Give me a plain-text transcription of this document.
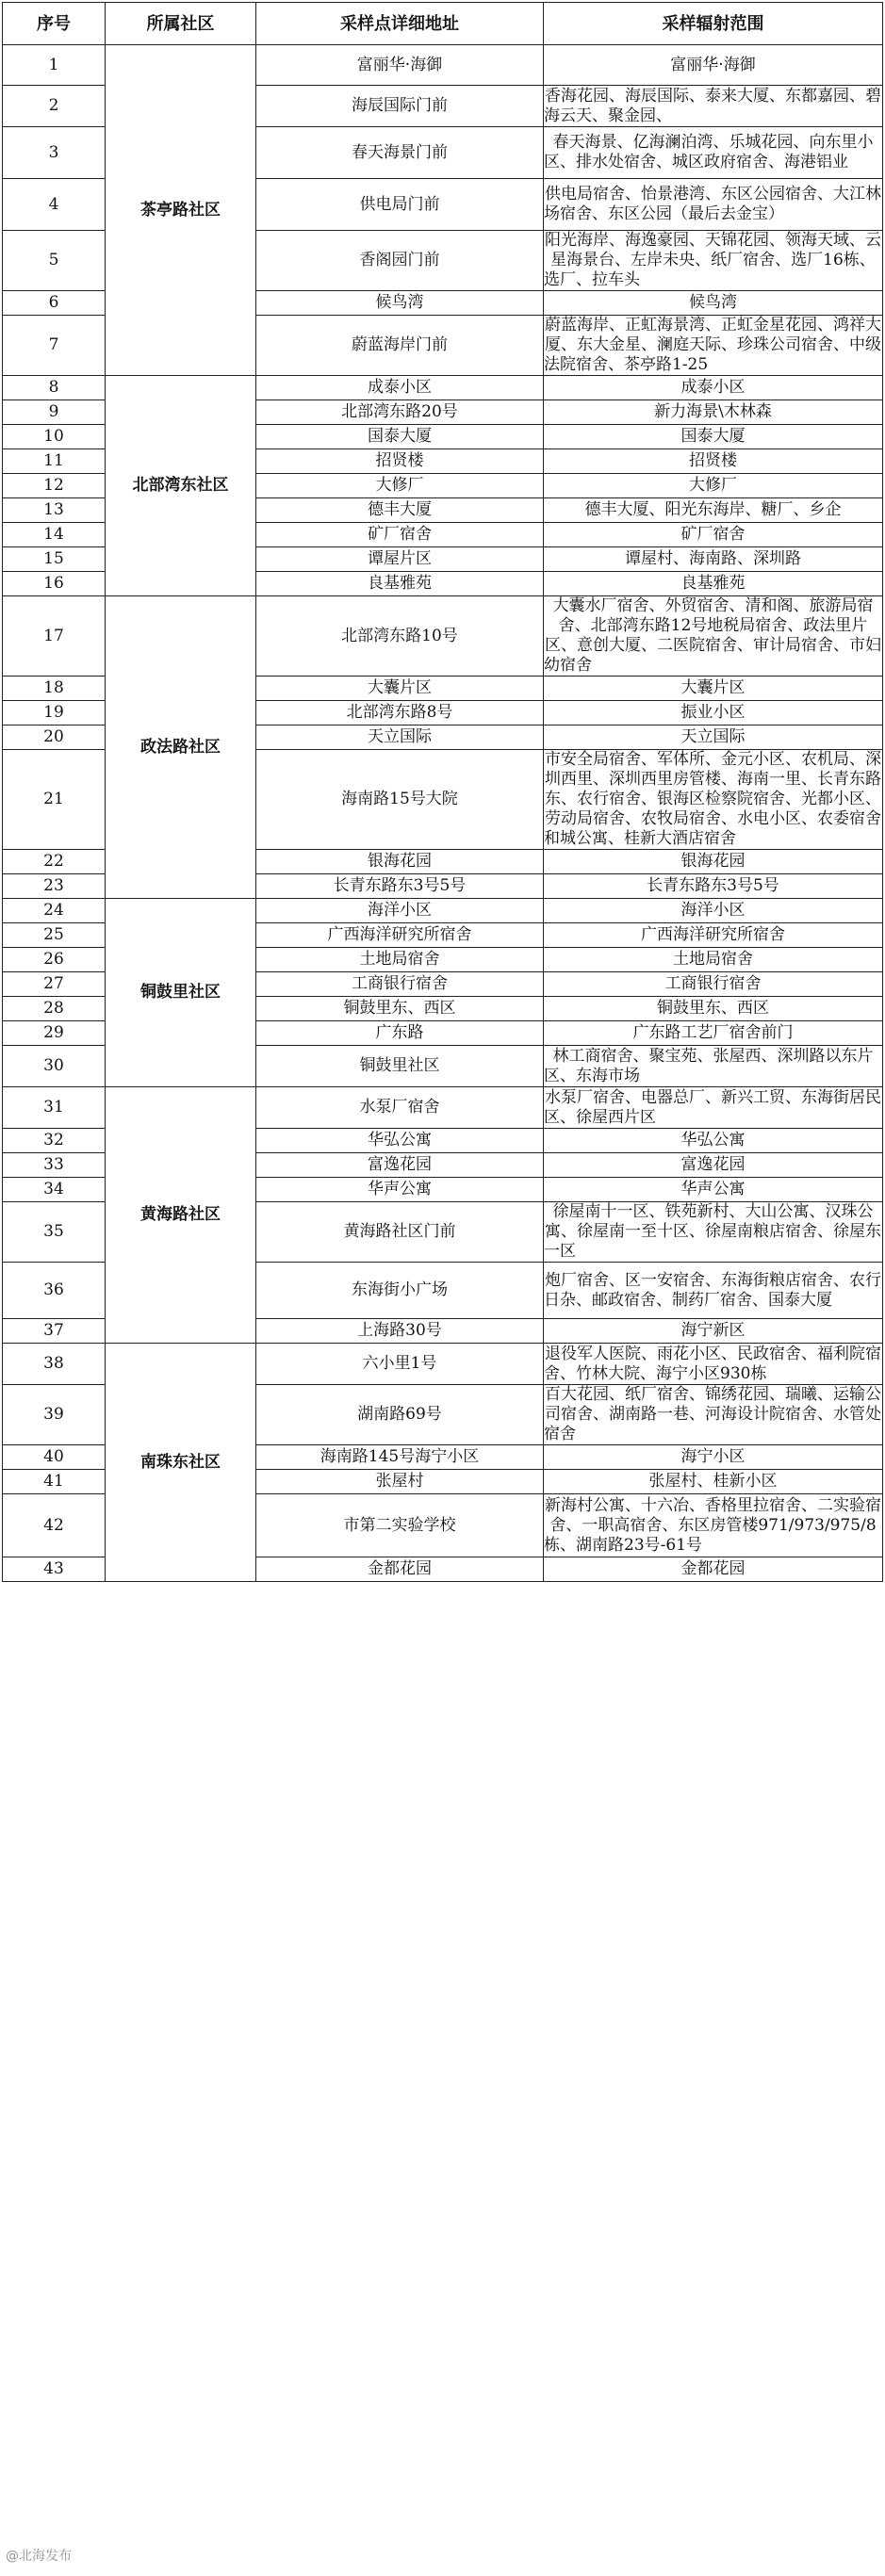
序号	所属社区	采样点详细地址	采样辐射范围
1	茶亭路社区	富丽华·海御	富丽华·海御
2		海辰国际门前	香海花园、海辰国际、泰来大厦、东都嘉园、碧海云天、聚金园、
3		春天海景门前	春天海景、亿海澜泊湾、乐城花园、向东里小区、排水处宿舍、城区政府宿舍、海港铝业
4		供电局门前	供电局宿舍、怡景港湾、东区公园宿舍、大江林场宿舍、东区公园（最后去金宝）
5		香阁园门前	阳光海岸、海逸豪园、天锦花园、领海天域、云星海景台、左岸未央、纸厂宿舍、选厂16栋、选厂、拉车头
6		候鸟湾	候鸟湾
7		蔚蓝海岸门前	蔚蓝海岸、正虹海景湾、正虹金星花园、鸿祥大厦、东大金星、澜庭天际、珍珠公司宿舍、中级法院宿舍、茶亭路1-25
8	北部湾东社区	成泰小区	成泰小区
9		北部湾东路20号	新力海景\木林森
10		国泰大厦	国泰大厦
11		招贤楼	招贤楼
12		大修厂	大修厂
13		德丰大厦	德丰大厦、阳光东海岸、糖厂、乡企
14		矿厂宿舍	矿厂宿舍
15		谭屋片区	谭屋村、海南路、深圳路
16		良基雅苑	良基雅苑
17	政法路社区	北部湾东路10号	大囊水厂宿舍、外贸宿舍、清和阁、旅游局宿舍、北部湾东路12号地税局宿舍、政法里片区、意创大厦、二医院宿舍、审计局宿舍、市妇幼宿舍
18		大囊片区	大囊片区
19		北部湾东路8号	振业小区
20		天立国际	天立国际
21		海南路15号大院	市安全局宿舍、军体所、金元小区、农机局、深圳西里、深圳西里房管楼、海南一里、长青东路东、农行宿舍、银海区检察院宿舍、光都小区、劳动局宿舍、农牧局宿舍、水电小区、农委宿舍和城公寓、桂新大酒店宿舍
22		银海花园	银海花园
23		长青东路东3号5号	长青东路东3号5号
24	铜鼓里社区	海洋小区	海洋小区
25		广西海洋研究所宿舍	广西海洋研究所宿舍
26		土地局宿舍	土地局宿舍
27		工商银行宿舍	工商银行宿舍
28		铜鼓里东、西区	铜鼓里东、西区
29		广东路	广东路工艺厂宿舍前门
30		铜鼓里社区	林工商宿舍、聚宝苑、张屋西、深圳路以东片区、东海市场
31	黄海路社区	水泵厂宿舍	水泵厂宿舍、电器总厂、新兴工贸、东海街居民区、徐屋西片区
32		华弘公寓	华弘公寓
33		富逸花园	富逸花园
34		华声公寓	华声公寓
35		黄海路社区门前	徐屋南十一区、铁苑新村、大山公寓、汉珠公寓、徐屋南一至十区、徐屋南粮店宿舍、徐屋东一区
36		东海街小广场	炮厂宿舍、区一安宿舍、东海街粮店宿舍、农行日杂、邮政宿舍、制药厂宿舍、国泰大厦
37		上海路30号	海宁新区
38	南珠东社区	六小里1号	退役军人医院、雨花小区、民政宿舍、福利院宿舍、竹林大院、海宁小区930栋
39		湖南路69号	百大花园、纸厂宿舍、锦绣花园、瑞曦、运输公司宿舍、湖南路一巷、河海设计院宿舍、水管处宿舍
40		海南路145号海宁小区	海宁小区
41		张屋村	张屋村、桂新小区
42		市第二实验学校	新海村公寓、十六冶、香格里拉宿舍、二实验宿舍、一职高宿舍、东区房管楼971/973/975/8栋、湖南路23号-61号
43		金都花园	金都花园
@北海发布
